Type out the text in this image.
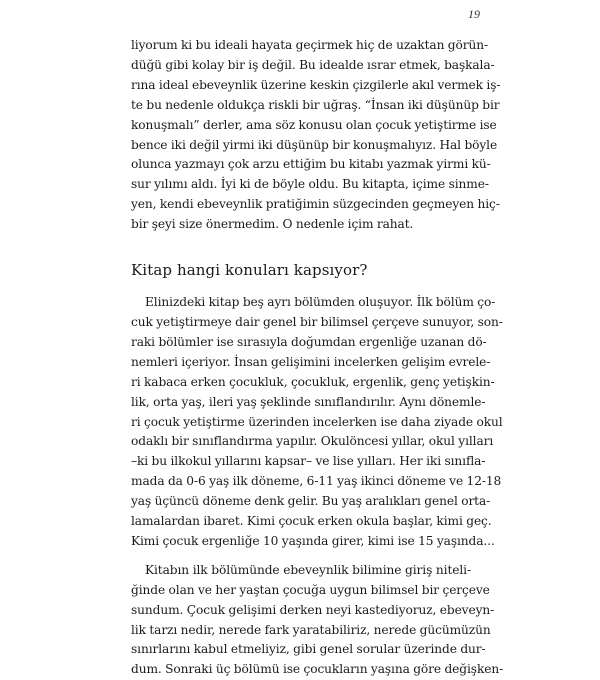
19
liyorum ki bu ideali hayata geçirmek hiç de uzaktan görün-
düğü gibi kolay bir iş değil. Bu idealde ısrar etmek, başkala-
rına ideal ebeveynlik üzerine keskin çizgilerle akıl vermek iş-
te bu nedenle oldukça riskli bir uğraş. “İnsan iki düşünüp bir
konuşmalı” derler, ama söz konusu olan çocuk yetiştirme ise
bence iki değil yirmi iki düşünüp bir konuşmalıyız. Hal böyle
olunca yazmayı çok arzu ettiğim bu kitabı yazmak yirmi kü-
sur yılımı aldı. İyi ki de böyle oldu. Bu kitapta, içime sinme-
yen, kendi ebeveynlik pratiğimin süzgecinden geçmeyen hiç-
bir şeyi size önermedim. O nedenle içim rahat.
Kitap hangi konuları kapsıyor?
Elinizdeki kitap beş ayrı bölümden oluşuyor. İlk bölüm ço-
cuk yetiştirmeye dair genel bir bilimsel çerçeve sunuyor, son-
raki bölümler ise sırasıyla doğumdan ergenliğe uzanan dö-
nemleri içeriyor. İnsan gelişimini incelerken gelişim evrele-
ri kabaca erken çocukluk, çocukluk, ergenlik, genç yetişkin-
lik, orta yaş, ileri yaş şeklinde sınıflandırılır. Aynı dönemle-
ri çocuk yetiştirme üzerinden incelerken ise daha ziyade okul
odaklı bir sınıflandırma yapılır. Okulöncesi yıllar, okul yılları
–ki bu ilkokul yıllarını kapsar– ve lise yılları. Her iki sınıfla-
mada da 0-6 yaş ilk döneme, 6-11 yaş ikinci döneme ve 12-18
yaş üçüncü döneme denk gelir. Bu yaş aralıkları genel orta-
lamalardan ibaret. Kimi çocuk erken okula başlar, kimi geç.
Kimi çocuk ergenliğe 10 yaşında girer, kimi ise 15 yaşında...
Kitabın ilk bölümünde ebeveynlik bilimine giriş niteli-
ğinde olan ve her yaştan çocuğa uygun bilimsel bir çerçeve
sundum. Çocuk gelişimi derken neyi kastediyoruz, ebeveyn-
lik tarzı nedir, nerede fark yaratabiliriz, nerede gücümüzün
sınırlarını kabul etmeliyiz, gibi genel sorular üzerinde dur-
dum. Sonraki üç bölümü ise çocukların yaşına göre değişken-
